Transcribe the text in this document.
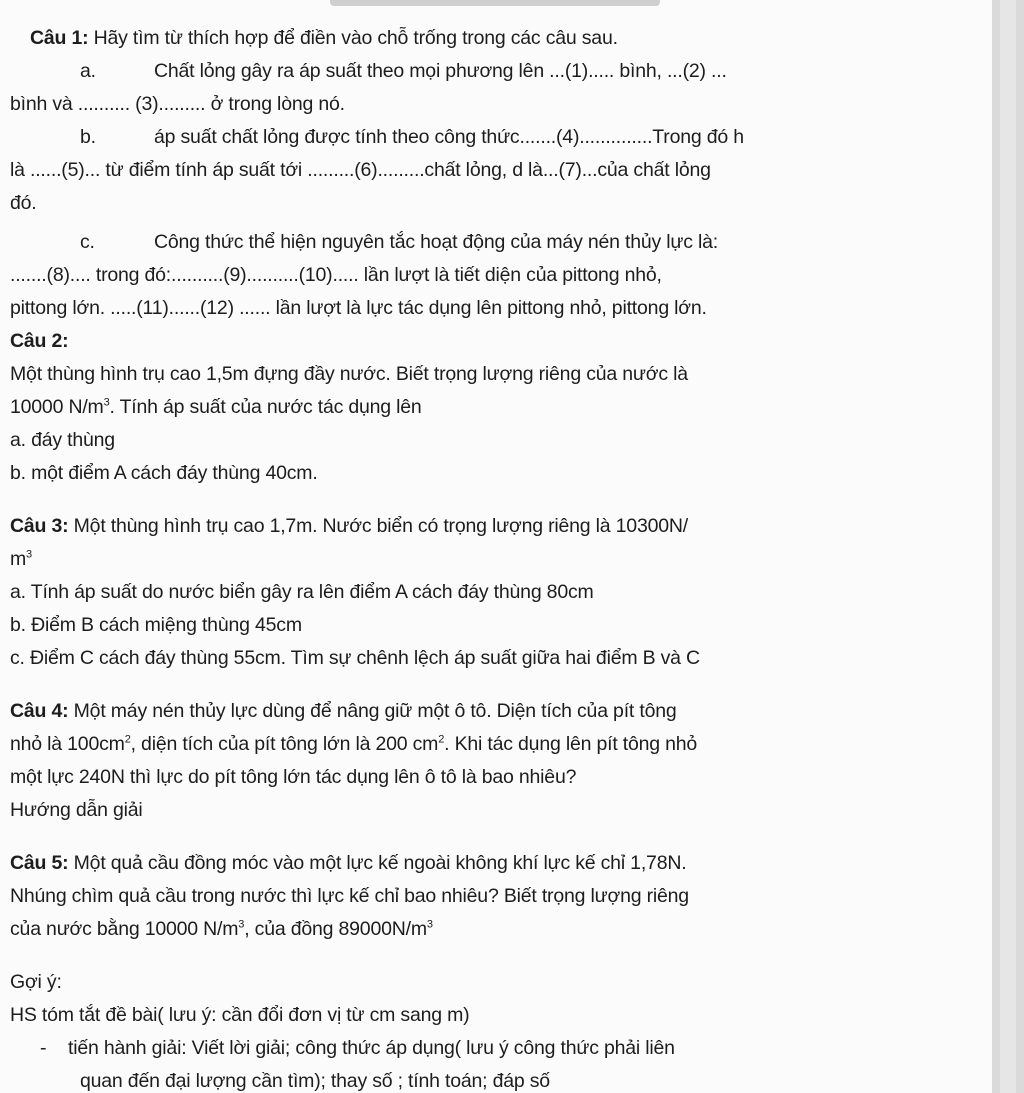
Câu 1: Hãy tìm từ thích hợp để điền vào chỗ trống trong các câu sau.
a.	Chất lỏng gây ra áp suất theo mọi phương lên ...(1)..... bình, ...(2) ...
bình và .......... (3)......... ở trong lòng nó.
b.	áp suất chất lỏng được tính theo công thức.......(4)..............Trong đó h
là ......(5)... từ điểm tính áp suất tới .........(6).........chất lỏng, d là...(7)...của chất lỏng
đó.
c.	Công thức thể hiện nguyên tắc hoạt động của máy nén thủy lực là:
.......(8).... trong đó:..........(9)..........(10)..... lần lượt là tiết diện của pittong nhỏ,
pittong lớn. .....(11)......(12) ...... lần lượt là lực tác dụng lên pittong nhỏ, pittong lớn.
Câu 2:
Một thùng hình trụ cao 1,5m đựng đầy nước. Biết trọng lượng riêng của nước là
10000 $N/m^3$. Tính áp suất của nước tác dụng lên
a. đáy thùng
b. một điểm A cách đáy thùng 40cm.
Câu 3: Một thùng hình trụ cao 1,7m. Nước biển có trọng lượng riêng là 10300N/
$m^3$
a. Tính áp suất do nước biển gây ra lên điểm A cách đáy thùng 80cm
b. Điểm B cách miệng thùng 45cm
c. Điểm C cách đáy thùng 55cm. Tìm sự chênh lệch áp suất giữa hai điểm B và C
Câu 4: Một máy nén thủy lực dùng để nâng giữ một ô tô. Diện tích của pít tông
nhỏ là $100cm^2$, diện tích của pít tông lớn là 200 $cm^2$. Khi tác dụng lên pít tông nhỏ
một lực 240N thì lực do pít tông lớn tác dụng lên ô tô là bao nhiêu?
Hướng dẫn giải
Câu 5: Một quả cầu đồng móc vào một lực kế ngoài không khí lực kế chỉ 1,78N.
Nhúng chìm quả cầu trong nước thì lực kế chỉ bao nhiêu? Biết trọng lượng riêng
của nước bằng 10000 $N/m^3$, của đồng $89000N/m^3$
Gợi ý:
HS tóm tắt đề bài( lưu ý: cần đổi đơn vị từ cm sang m)
- tiến hành giải: Viết lời giải; công thức áp dụng( lưu ý công thức phải liên
quan đến đại lượng cần tìm); thay số ; tính toán; đáp số
